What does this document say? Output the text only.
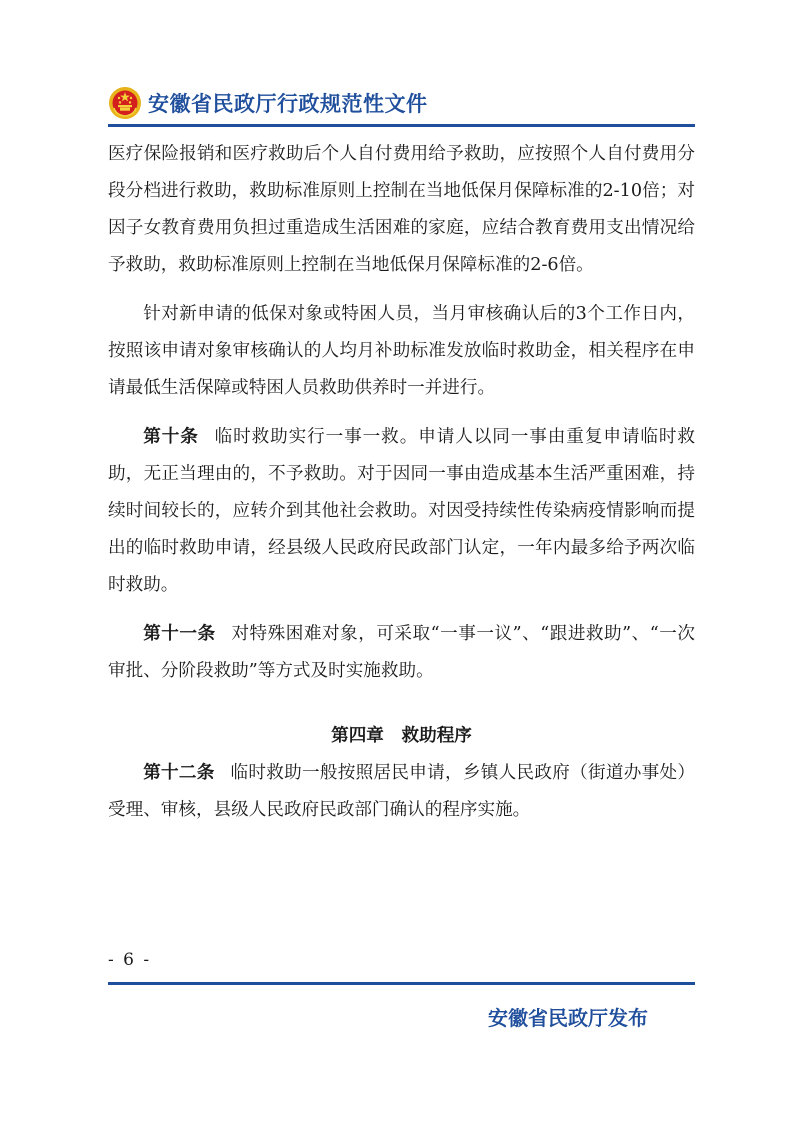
安徽省民政厅行政规范性文件

医疗保险报销和医疗救助后个人自付费用给予救助，应按照个人自付费用分段分档进行救助，救助标准原则上控制在当地低保月保障标准的2-10倍；对因子女教育费用负担过重造成生活困难的家庭，应结合教育费用支出情况给予救助，救助标准原则上控制在当地低保月保障标准的2-6倍。

针对新申请的低保对象或特困人员，当月审核确认后的3个工作日内，按照该申请对象审核确认的人均月补助标准发放临时救助金，相关程序在申请最低生活保障或特困人员救助供养时一并进行。

第十条 临时救助实行一事一救。申请人以同一事由重复申请临时救助，无正当理由的，不予救助。对于因同一事由造成基本生活严重困难，持续时间较长的，应转介到其他社会救助。对因受持续性传染病疫情影响而提出的临时救助申请，经县级人民政府民政部门认定，一年内最多给予两次临时救助。

第十一条 对特殊困难对象，可采取“一事一议”、“跟进救助”、“一次审批、分阶段救助”等方式及时实施救助。

第四章 救助程序

第十二条 临时救助一般按照居民申请，乡镇人民政府（街道办事处）受理、审核，县级人民政府民政部门确认的程序实施。

- 6 -
安徽省民政厅发布
